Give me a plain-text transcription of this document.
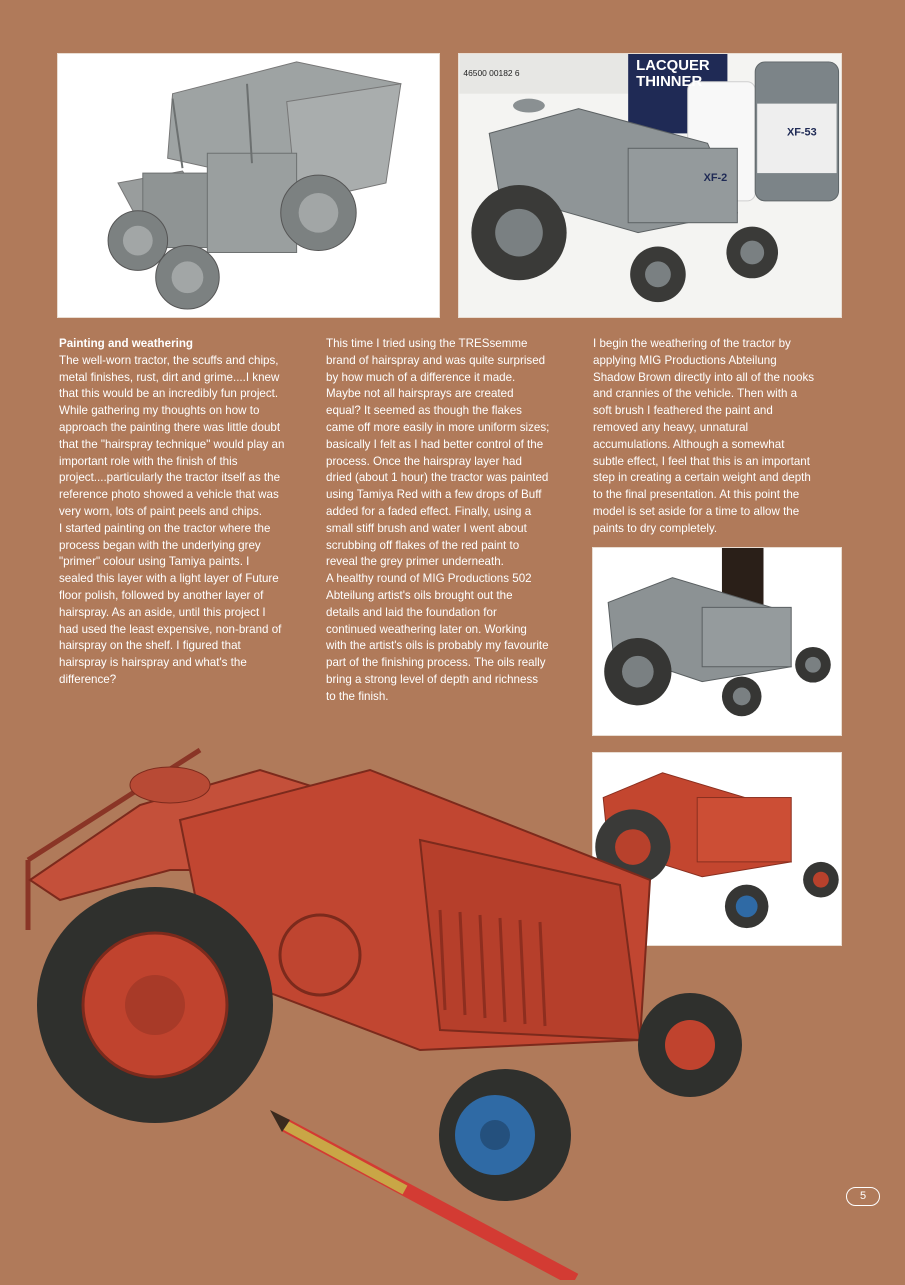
46500 00182 6	LACQUER
THINNER
XF-2
XF-53

Painting and weathering

The well-worn tractor, the scuffs and chips,
metal finishes, rust, dirt and grime....I knew
that this would be an incredibly fun project.
While gathering my thoughts on how to
approach the painting there was little doubt
that the "hairspray technique" would play an
important role with the finish of this
project....particularly the tractor itself as the
reference photo showed a vehicle that was
very worn, lots of paint peels and chips.

I started painting on the tractor where the
process began with the underlying grey
"primer" colour using Tamiya paints. I
sealed this layer with a light layer of Future
floor polish, followed by another layer of
hairspray. As an aside, until this project I
had used the least expensive, non-brand of
hairspray on the shelf. I figured that
hairspray is hairspray and what's the
difference?

This time I tried using the TRESsemme
brand of hairspray and was quite surprised
by how much of a difference it made.
Maybe not all hairsprays are created
equal? It seemed as though the flakes
came off more easily in more uniform sizes;
basically I felt as I had better control of the
process. Once the hairspray layer had
dried (about 1 hour) the tractor was painted
using Tamiya Red with a few drops of Buff
added for a faded effect. Finally, using a
small stiff brush and water I went about
scrubbing off flakes of the red paint to
reveal the grey primer underneath.

A healthy round of MIG Productions 502
Abteilung artist's oils brought out the
details and laid the foundation for
continued weathering later on. Working
with the artist's oils is probably my favourite
part of the finishing process. The oils really
bring a strong level of depth and richness
to the finish.

I begin the weathering of the tractor by
applying MIG Productions Abteilung
Shadow Brown directly into all of the nooks
and crannies of the vehicle. Then with a
soft brush I feathered the paint and
removed any heavy, unnatural
accumulations. Although a somewhat
subtle effect, I feel that this is an important
step in creating a certain weight and depth
to the final presentation. At this point the
model is set aside for a time to allow the
paints to dry completely.

5
